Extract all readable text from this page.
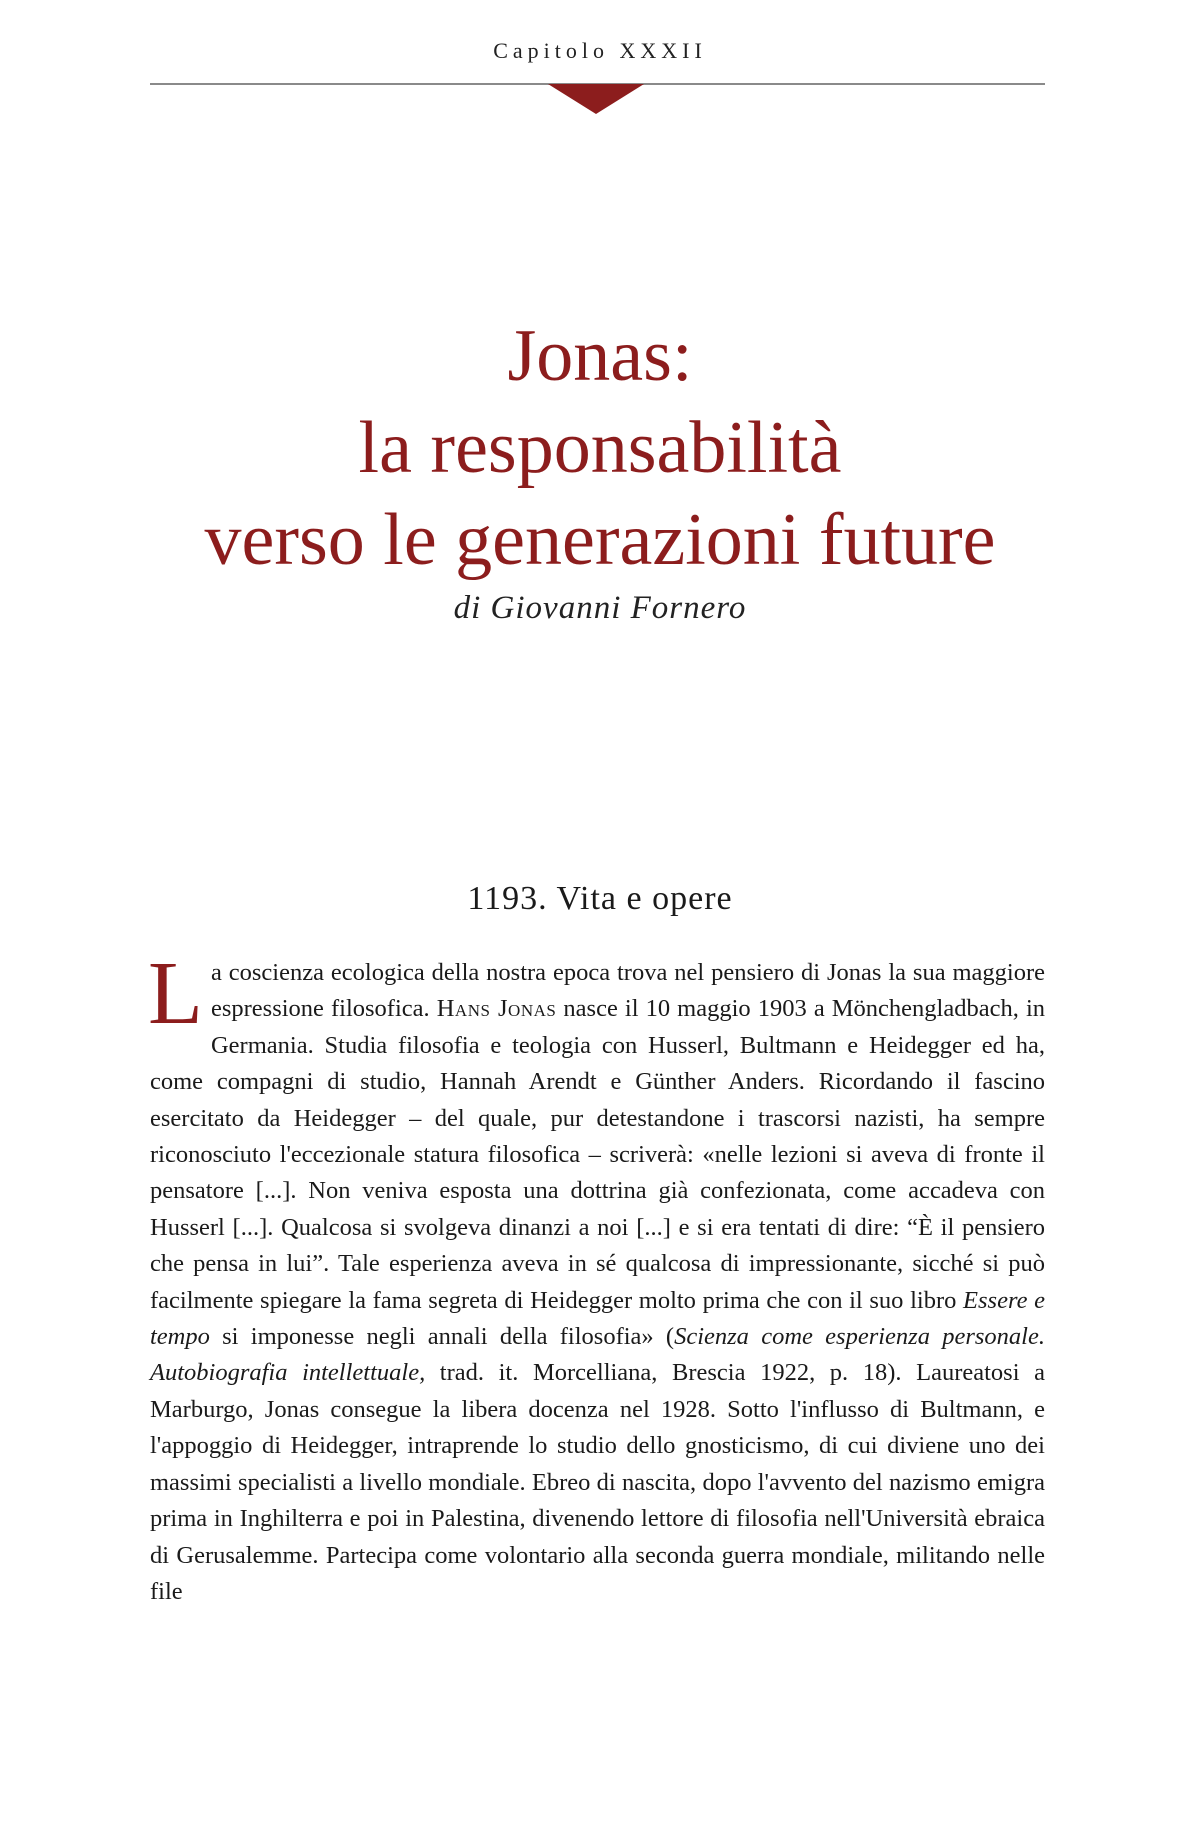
Capitolo XXXII
Jonas:
la responsabilità
verso le generazioni future
di Giovanni Fornero
1193. Vita e opere
La coscienza ecologica della nostra epoca trova nel pensiero di Jonas la sua maggiore espressione filosofica. Hans Jonas nasce il 10 maggio 1903 a Mönchengladbach, in Germania. Studia filosofia e teologia con Husserl, Bultmann e Heidegger ed ha, come compagni di studio, Hannah Arendt e Günther Anders. Ricordando il fascino esercitato da Heidegger – del quale, pur detestandone i trascorsi nazisti, ha sempre riconosciuto l'eccezionale statura filosofica – scriverà: «nelle lezioni si aveva di fronte il pensatore [...]. Non veniva esposta una dottrina già confezionata, come accadeva con Husserl [...]. Qualcosa si svolgeva dinanzi a noi [...] e si era tentati di dire: “È il pensiero che pensa in lui”. Tale esperienza aveva in sé qualcosa di impressionante, sicché si può facilmente spiegare la fama segreta di Heidegger molto prima che con il suo libro Essere e tempo si imponesse negli annali della filosofia» (Scienza come esperienza personale. Autobiografia intellettuale, trad. it. Morcelliana, Brescia 1922, p. 18). Laureatosi a Marburgo, Jonas consegue la libera docenza nel 1928. Sotto l'influsso di Bultmann, e l'appoggio di Heidegger, intraprende lo studio dello gnosticismo, di cui diviene uno dei massimi specialisti a livello mondiale. Ebreo di nascita, dopo l'avvento del nazismo emigra prima in Inghilterra e poi in Palestina, divenendo lettore di filosofia nell'Università ebraica di Gerusalemme. Partecipa come volontario alla seconda guerra mondiale, militando nelle file
